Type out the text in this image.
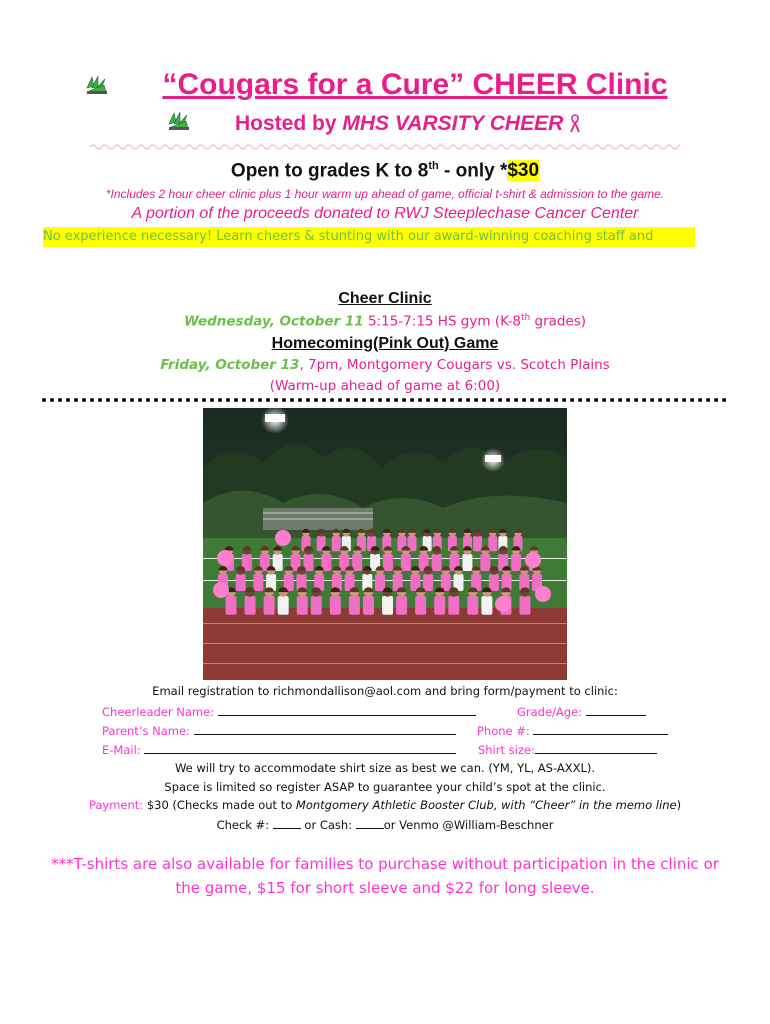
“Cougars for a Cure” CHEER Clinic
Hosted by MHS VARSITY CHEER
Open to grades K to 8th - only *$30
*Includes 2 hour cheer clinic plus 1 hour warm up ahead of game, official t-shirt & admission to the game.
A portion of the proceeds donated to RWJ Steeplechase Cancer Center
No experience necessary! Learn cheers & stunting with our award-winning coaching staff and
Cheer Clinic
Wednesday, October 11 5:15-7:15 HS gym (K-8th grades)
Homecoming(Pink Out) Game
Friday, October 13, 7pm, Montgomery Cougars vs. Scotch Plains
(Warm-up ahead of game at 6:00)
Email registration to richmondallison@aol.com and bring form/payment to clinic:
Cheerleader Name:	Grade/Age:
Parent’s Name:	Phone #:
E-Mail:	Shirt size:
We will try to accommodate shirt size as best we can. (YM, YL, AS-AXXL).
Space is limited so register ASAP to guarantee your child’s spot at the clinic.
Payment: $30 (Checks made out to Montgomery Athletic Booster Club, with “Cheer” in the memo line)
Check #:  or Cash: or Venmo @William-Beschner
***T-shirts are also available for families to purchase without participation in the clinic or the game, $15 for short sleeve and $22 for long sleeve.
